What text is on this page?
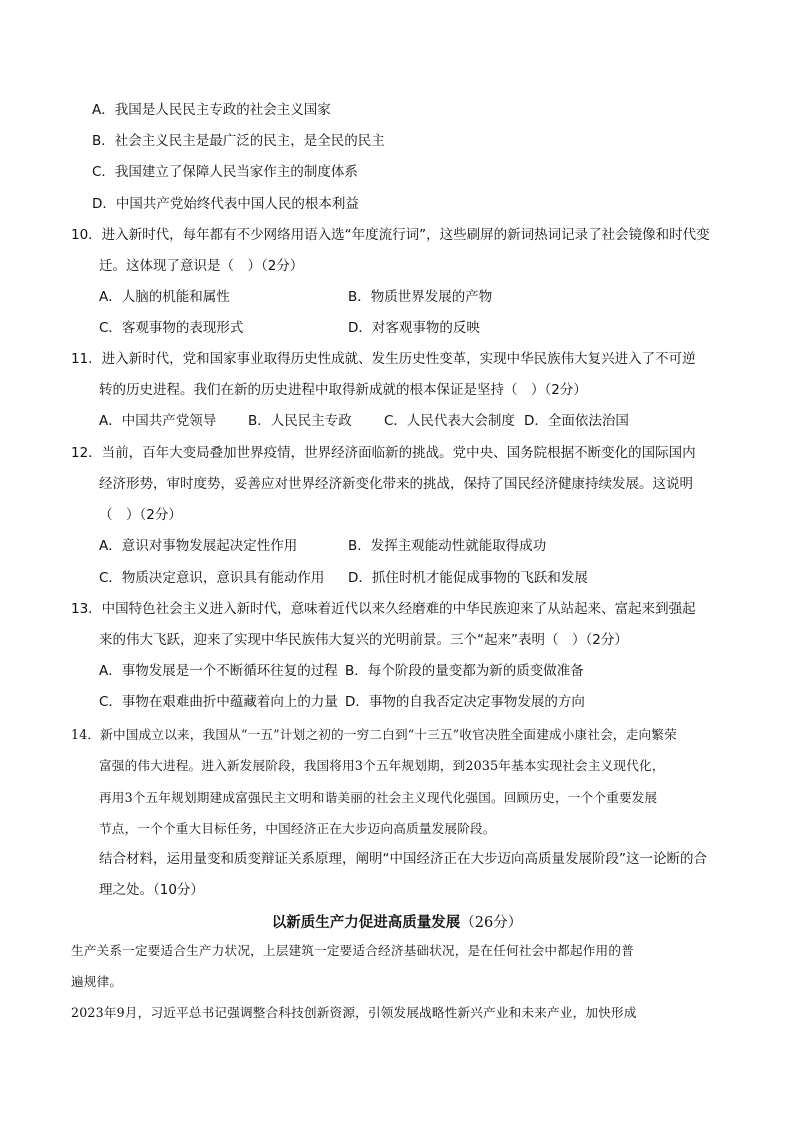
A．我国是人民民主专政的社会主义国家
B．社会主义民主是最广泛的民主，是全民的民主
C．我国建立了保障人民当家作主的制度体系
D．中国共产党始终代表中国人民的根本利益
10．进入新时代，每年都有不少网络用语入选“年度流行词”，这些刷屏的新词热词记录了社会镜像和时代变
迁。这体现了意识是（　）（2分）
A．人脑的机能和属性	B．物质世界发展的产物
C．客观事物的表现形式	D．对客观事物的反映
11．进入新时代，党和国家事业取得历史性成就、发生历史性变革，实现中华民族伟大复兴进入了不可逆
转的历史进程。我们在新的历史进程中取得新成就的根本保证是坚持（　）（2分）
A．中国共产党领导 B．人民民主专政 C．人民代表大会制度 D．全面依法治国
12．当前，百年大变局叠加世界疫情，世界经济面临新的挑战。党中央、国务院根据不断变化的国际国内
经济形势，审时度势，妥善应对世界经济新变化带来的挑战，保持了国民经济健康持续发展。这说明
（　）（2分）
A．意识对事物发展起决定性作用	B．发挥主观能动性就能取得成功
C．物质决定意识，意识具有能动作用 D．抓住时机才能促成事物的飞跃和发展
13．中国特色社会主义进入新时代，意味着近代以来久经磨难的中华民族迎来了从站起来、富起来到强起
来的伟大飞跃，迎来了实现中华民族伟大复兴的光明前景。三个“起来”表明（　）（2分）
A．事物发展是一个不断循环往复的过程 B．每个阶段的量变都为新的质变做准备
C．事物在艰难曲折中蕴藏着向上的力量 D．事物的自我否定决定事物发展的方向
14．新中国成立以来，我国从“一五”计划之初的一穷二白到“十三五”收官决胜全面建成小康社会，走向繁荣
富强的伟大进程。进入新发展阶段，我国将用3个五年规划期，到2035年基本实现社会主义现代化，
再用3个五年规划期建成富强民主文明和谐美丽的社会主义现代化强国。回顾历史，一个个重要发展
节点，一个个重大目标任务，中国经济正在大步迈向高质量发展阶段。
结合材料，运用量变和质变辩证关系原理，阐明“中国经济正在大步迈向高质量发展阶段”这一论断的合
理之处。（10分）
以新质生产力促进高质量发展（26分）
生产关系一定要适合生产力状况，上层建筑一定要适合经济基础状况，是在任何社会中都起作用的普
遍规律。
2023年9月，习近平总书记强调整合科技创新资源，引领发展战略性新兴产业和未来产业，加快形成
